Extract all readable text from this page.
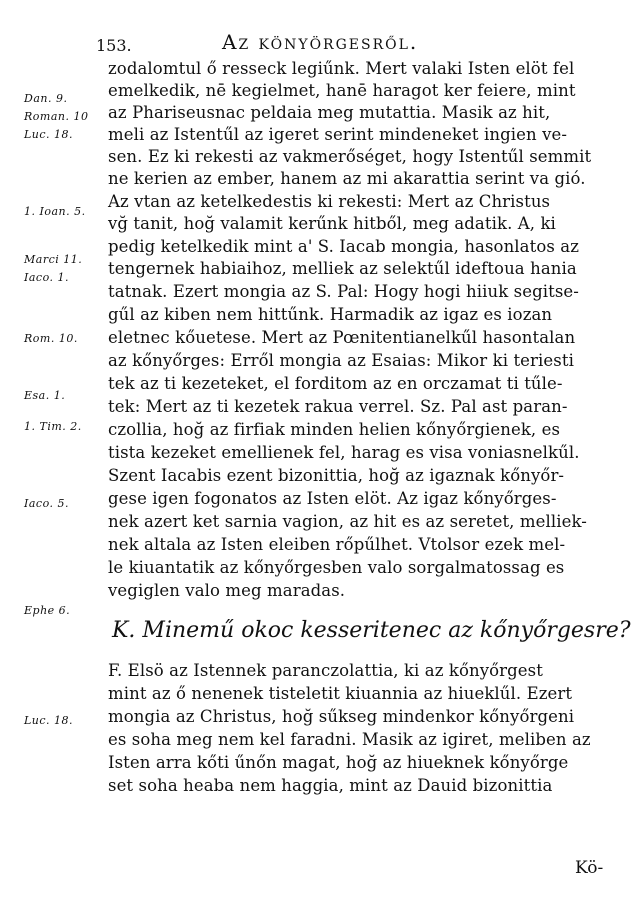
153.	Az könyörgesről.
Dan. 9.
Roman. 10
Luc. 18.
1. Ioan. 5.
Marci 11.
Iaco. 1.
Rom. 10.
Esa. 1.
1. Tim. 2.
Iaco. 5.
Ephe 6.
Luc. 18.
zodalomtul ő resseck legiűnk. Mert valaki Isten elöt fel
emelkedik, nē kegielmet, hanē haragot ker feiere, mint
az Phariseusnac peldaia meg mutattia. Masik az hit,
meli az Istentűl az igeret serint mindeneket ingien ve-
sen. Ez ki rekesti az vakmerőséget, hogy Istentűl semmit
ne kerien az ember, hanem az mi akarattia serint va gió.
Az vtan az ketelkedestis ki rekesti: Mert az Christus
vğ tanit, hoğ valamit kerűnk hitből, meg adatik. A, ki
pedig ketelkedik mint a' S. Iacab mongia, hasonlatos az
tengernek habiaihoz, melliek az selektűl ideftoua hania
tatnak. Ezert mongia az S. Pal: Hogy hogi hiiuk segitse-
gűl az kiben nem hittűnk. Harmadik az igaz es iozan
eletnec kőuetese. Mert az Pœnitentianelkűl hasontalan
az kőnyőrges: Erről mongia az Esaias: Mikor ki teriesti
tek az ti kezeteket, el forditom az en orczamat ti tűle-
tek: Mert az ti kezetek rakua verrel. Sz. Pal ast paran-
czollia, hoğ az firfiak minden helien kőnyőrgienek, es
tista kezeket emellienek fel, harag es visa voniasnelkűl.
Szent Iacabis ezent bizonittia, hoğ az igaznak kőnyőr-
gese igen fogonatos az Isten elöt. Az igaz kőnyőrges-
nek azert ket sarnia vagion, az hit es az seretet, melliek-
nek altala az Isten eleiben rőpűlhet. Vtolsor ezek mel-
le kiuantatik az kőnyőrgesben valo sorgalmatossag es
vegiglen valo meg maradas.
K. Minemű okoc kesseritenec az kőnyőrgesre?
F. Elsö az Istennek paranczolattia, ki az kőnyőrgest
mint az ő nenenek tisteletit kiuannia az hiueklűl. Ezert
mongia az Christus, hoğ sűkseg mindenkor kőnyőrgeni
es soha meg nem kel faradni. Masik az igiret, meliben az
Isten arra kőti űnőn magat, hoğ az hiueknek kőnyőrge
set soha heaba nem haggia, mint az Dauid bizonittia
Kö-
